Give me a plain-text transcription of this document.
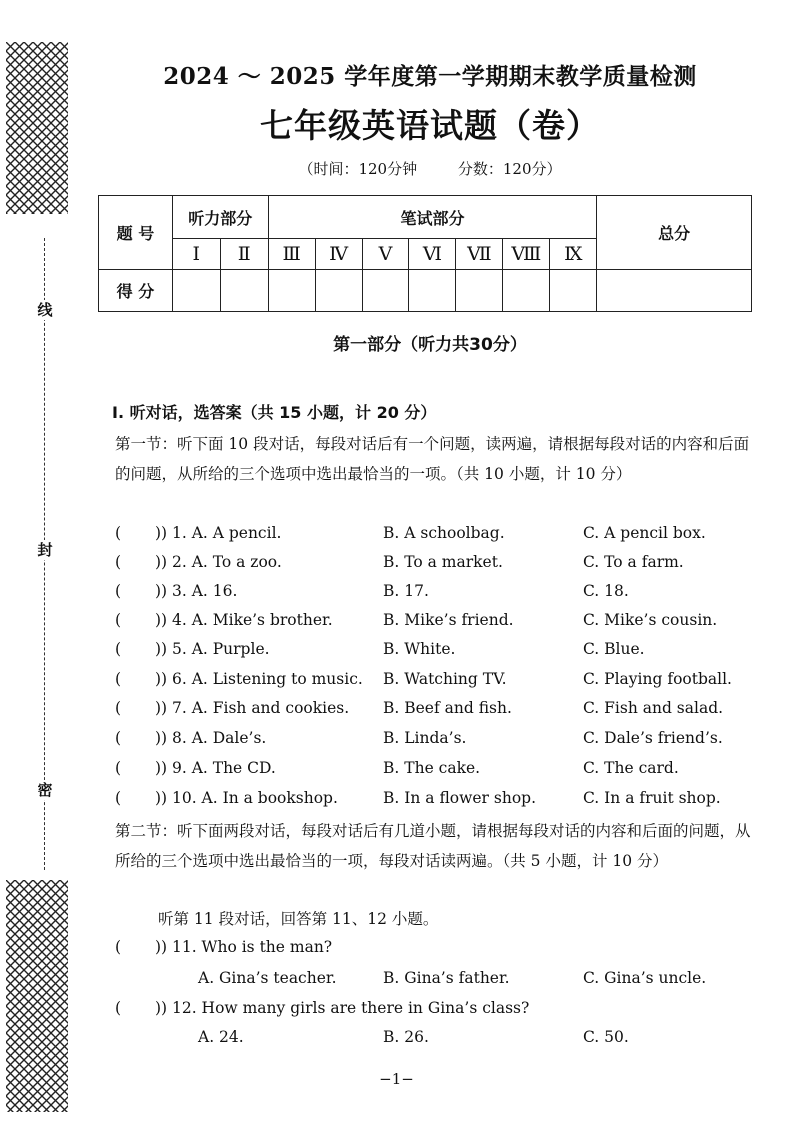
线
封
密
2024 ～ 2025 学年度第一学期期末教学质量检测
七年级英语试题（卷）
（时间：120分钟	分数：120分）
题 号	听力部分		笔试部分							总分
	Ⅰ	Ⅱ	Ⅲ	Ⅳ	Ⅴ	Ⅵ	Ⅶ	Ⅷ	Ⅸ	
得 分										
第一部分（听力共30分）
Ⅰ. 听对话，选答案（共 15 小题，计 20 分）
第一节：听下面 10 段对话，每段对话后有一个问题，读两遍，请根据每段对话的内容和后面的问题，从所给的三个选项中选出最恰当的一项。（共 10 小题，计 10 分）
) 1. A. A pencil.	B. A schoolbag.	C. A pencil box.
) 2. A. To a zoo.	B. To a market.	C. To a farm.
) 3. A. 16.	B. 17.	C. 18.
) 4. A. Mike’s brother.	B. Mike’s friend.	C. Mike’s cousin.
) 5. A. Purple.	B. White.	C. Blue.
) 6. A. Listening to music. B. Watching TV.	C. Playing football.
) 7. A. Fish and cookies. B. Beef and fish.	C. Fish and salad.
) 8. A. Dale’s.	B. Linda’s.	C. Dale’s friend’s.
) 9. A. The CD.	B. The cake.	C. The card.
) 10. A. In a bookshop.	B. In a flower shop.	C. In a fruit shop.
第二节：听下面两段对话，每段对话后有几道小题，请根据每段对话的内容和后面的问题，从所给的三个选项中选出最恰当的一项，每段对话读两遍。（共 5 小题，计 10 分）
听第 11 段对话，回答第 11、12 小题。
) 11. Who is the man?
A. Gina’s teacher.	B. Gina’s father.	C. Gina’s uncle.
) 12. How many girls are there in Gina’s class?
A. 24.	B. 26.	C. 50.
−1−
